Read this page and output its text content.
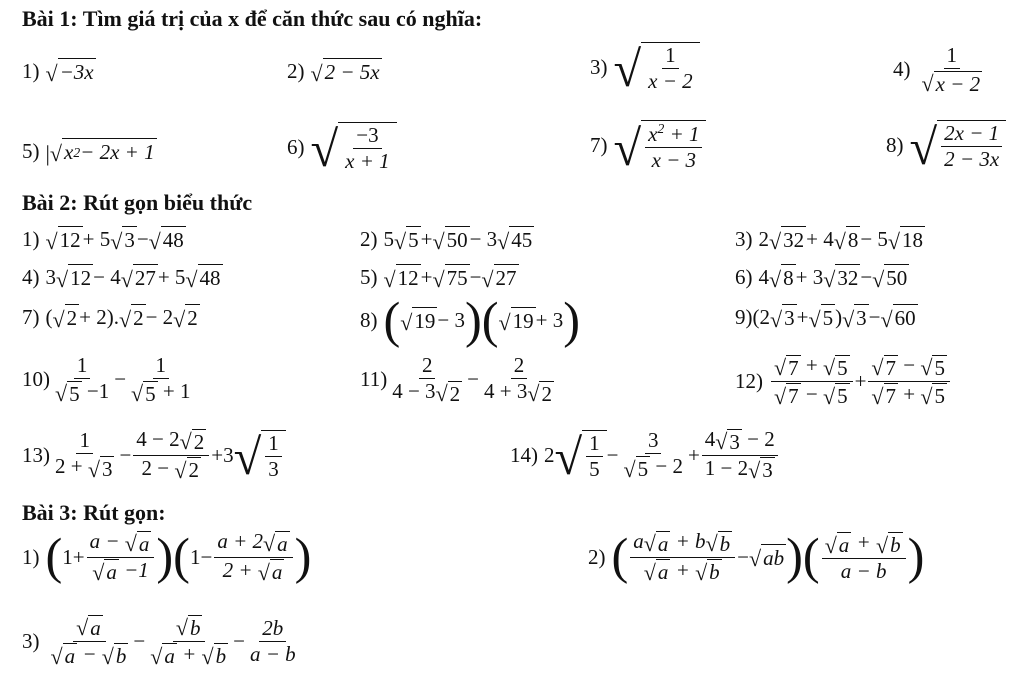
Bài 1: Tìm giá trị của x để căn thức sau có nghĩa:
1) √ −3x	2) √ 2 − 5x	3) √ $\frac{1}{x - 2}$	$4) \frac{1}{√ x - 2}$
5) |√ x 2 − 2x + 1	6) √ $\frac{-3}{x + 1}$	7) √ $\frac{x^2 + 1}{x - 3}$	8) √ $\frac{2x - 1}{2 - 3x}$
Bài 2: Rút gọn biểu thức
1) √ 12 + 5 √ 3 − √ 48	2) 5 √ 5 + √ 50 − 3 √ 45	3) 2 √ 32 + 4 √ 8 − 5 √ 18
4) 3 √ 12 − 4 √ 27 + 5 √ 48	5) √ 12 + √ 75 − √ 27	6) 4 √ 8 + 3 √ 32 − √ 50
7) ( √ 2 + 2). √ 2 − 2 √ 2	8) ( √ 19 − 3 )( √ 19 + 3 )	9) (2 √ 3 + √ 5 ) √ 3 − √ 60
$10) \frac{1}{√ 5 -1} - \frac{1}{√ 5 + 1}$	$11) \frac{2}{4 - 3 √ 2} - \frac{2}{4 + 3 √ 2}$	$12) \frac{√ 7 + √ 5}{√ 7 - √ 5} + \frac{√ 7 - √ 5}{√ 7 + √ 5}$
$13) \frac{1}{2 + √ 3} - \frac{4 - 2 √ 2}{2 - √ 2} +3$ √ $\frac{1}{3}$	14) 2 √ $\frac{1}{5} - \frac{3}{√ 5 - 2} + \frac{4 √ 3 - 2}{1 - 2 √ 3}$
Bài 3: Rút gọn:
1) ( $1 + \frac{a - √ a}{√ a -1}$ )( $1 - \frac{a + 2 √ a}{2 + √ a}$ )	2) ( $\frac{a √ a + b √ b}{√ a + √ b}$ − √ ab )( $\frac{√ a + √ b}{a - b}$ )
$3) \frac{√ a}{√ a - √ b} - \frac{√ b}{√ a + √ b} - \frac{2b}{a - b}$
